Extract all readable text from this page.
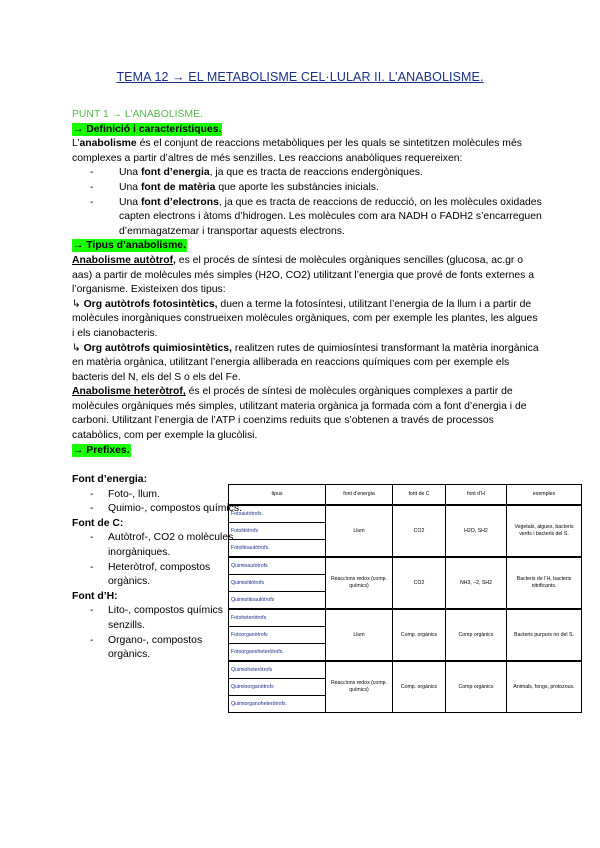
TEMA 12 → EL METABOLISME CEL·LULAR II. L’ANABOLISME.

PUNT 1 → L’ANABOLISME.

→ Definició i característiques.

L’anabolisme és el conjunt de reaccions metabòliques per les quals se sintetitzen molècules més complexes a partir d’altres de més senzilles. Les reaccions anabòliques requereixen:

- Una font d’energia, ja que es tracta de reaccions endergòniques.
- Una font de matèria que aporte les substàncies inicials.
- Una font d’electrons, ja que es tracta de reaccions de reducció, on les molècules oxidades capten electrons i àtoms d’hidrogen. Les molècules com ara NADH o FADH2 s’encarreguen d’emmagatzemar i transportar aquests electrons.

→ Tipus d’anabolisme.

Anabolisme autòtrof, es el procés de síntesi de molècules orgàniques sencilles (glucosa, ac.gr o aas) a partir de molècules més simples (H2O, CO2) utilitzant l’energia que prové de fonts externes a l’organisme. Existeixen dos tipus:

↳ Org autòtrofs fotosintètics, duen a terme la fotosíntesi, utilitzant l’energia de la llum i a partir de molècules inorgàniques construeixen molècules orgàniques, com per exemple les plantes, les algues i els cianobacteris.

↳ Org autòtrofs quimiosintètics, realitzen rutes de quimiosíntesi transformant la matèria inorgànica en matèria orgànica, utilitzant l’energia alliberada en reaccions químiques com per exemple els bacteris del N, els del S o els del Fe.

Anabolisme heteròtrof, és el procés de síntesi de molècules orgàniques complexes a partir de molècules orgàniques més simples, utilitzant materia orgànica ja formada com a font d’energia i de carboni. Utilitzant l’energia de l’ATP i coenzims reduits que s’obtenen a través de processos catabòlics, com per exemple la glucòlisi.

→ Prefixes.

Font d’energia:

- Foto-, llum.
- Quimio-, compostos químics.

Font de C:

- Autòtrof-, CO2 o molècules inorgàniques.
- Heteròtrof, compostos orgànics.

Font d’H:

- Lito-, compostos químics senzills.
- Organo-, compostos orgànics.
tipus	font d’energia	font de C	font d’H	exemples
Fotoautòtrofs.	Llum	CO2	H2O, SH2	Vegetals, algues, bacteris verds i bacteris del S.
Fotolitòtrofs				
Fotolitoautòtrofs.				
Quimioautòtrofs	Reaccions redox (comp. químics)	CO2	NH3, –2, SH2	Bacteris de l’H, bacteris nitrificants.
Quimiolitòtrofs				
Quimiolitoautòtrofs				
Fotoheteròtrofs	Llum	Comp. orgànics	Comp orgànics	Bacteris purpurs no del S.
Fotoorganòtrofs				
Fotoorganoheteròtrofs.				
Quimioheteròtrofs	Reaccions redox (comp. químics)	Comp. orgànics	Comp orgànics	Animals, fongs, protozous.
Quimioorganòtrofs				
Quimiorganoheteròtrofs.				
